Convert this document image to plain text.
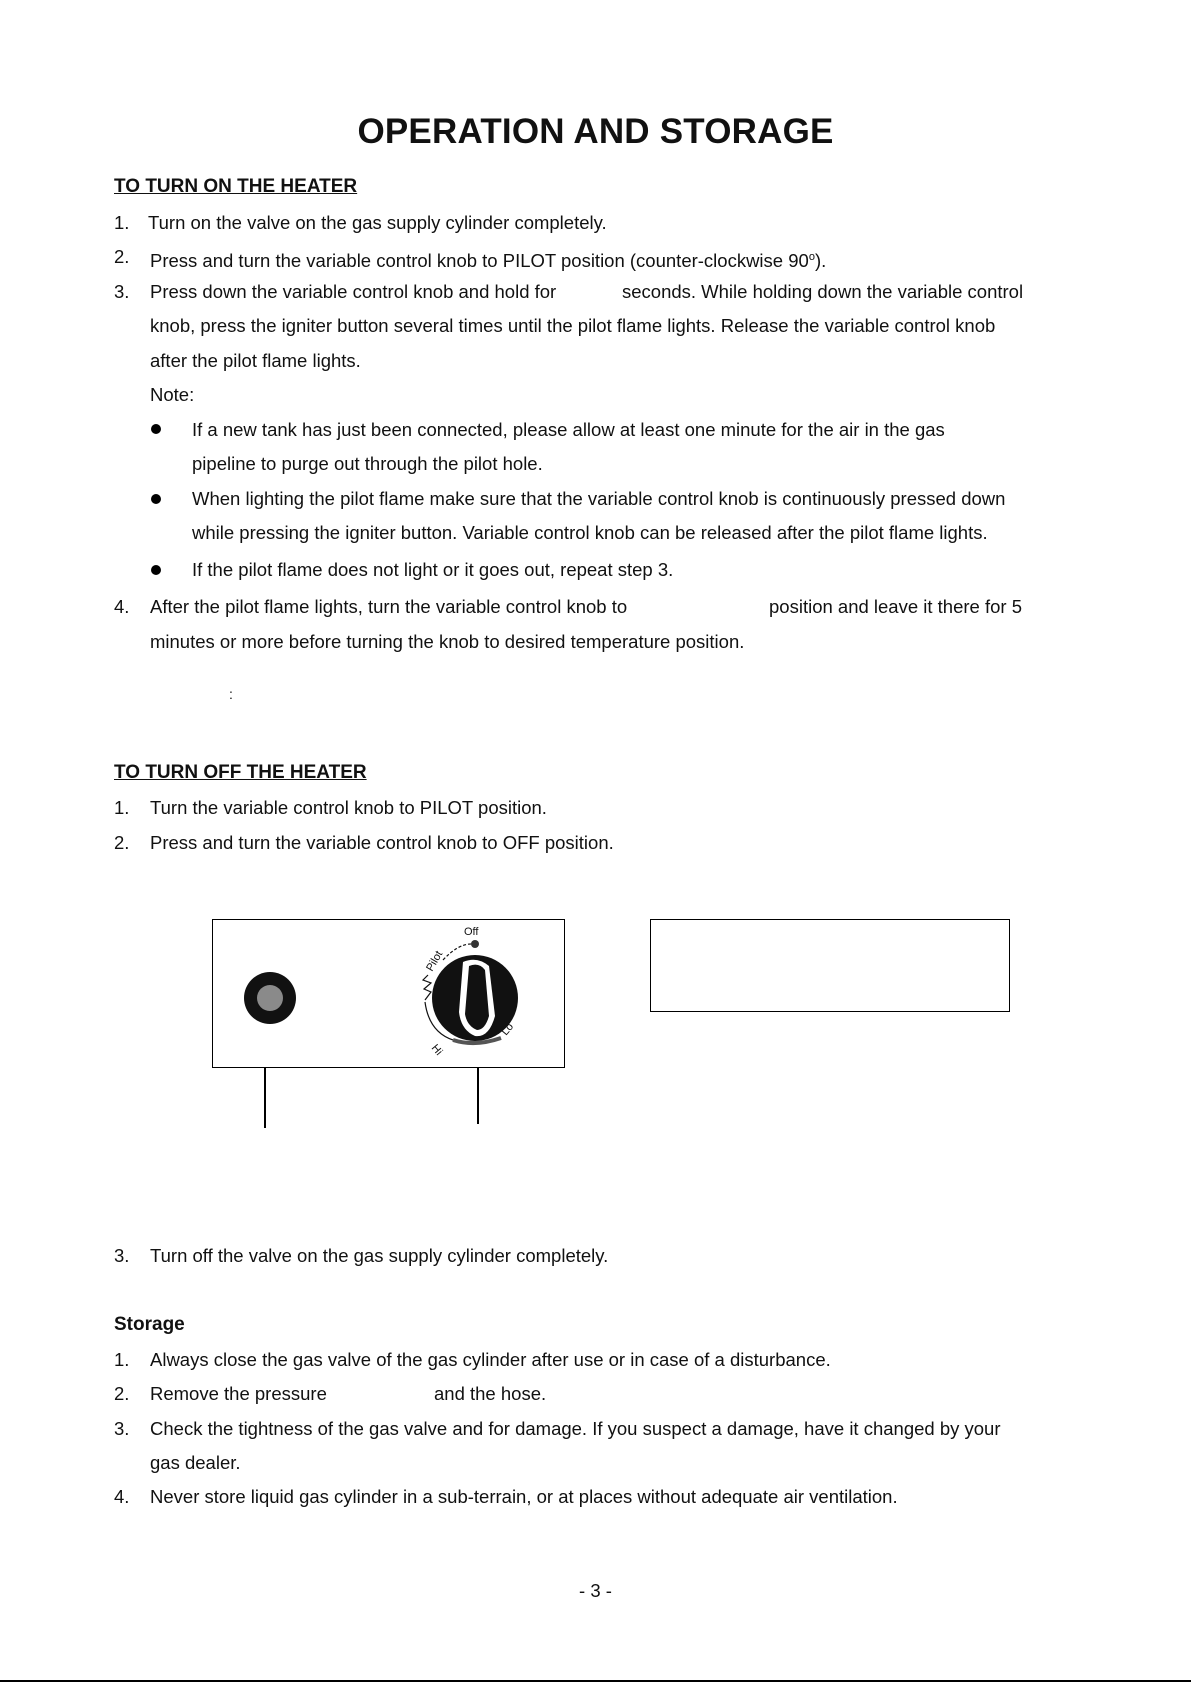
OPERATION AND STORAGE
TO TURN ON THE HEATER
1. Turn on the valve on the gas supply cylinder completely.
2. Press and turn the variable control knob to PILOT position (counter-clockwise 90$^o$).
3. Press down the variable control knob and hold for	seconds. While holding down the variable control
knob, press the igniter button several times until the pilot flame lights. Release the variable control knob
after the pilot flame lights.
Note:
If a new tank has just been connected, please allow at least one minute for the air in the gas
pipeline to purge out through the pilot hole.
When lighting the pilot flame make sure that the variable control knob is continuously pressed down
while pressing the igniter button. Variable control knob can be released after the pilot flame lights.
If the pilot flame does not light or it goes out, repeat step 3.
4. After the pilot flame lights, turn the variable control knob to	position and leave it there for 5
minutes or more before turning the knob to desired temperature position.
:
TO TURN OFF THE HEATER
1. Turn the variable control knob to PILOT position.
2. Press and turn the variable control knob to OFF position.
Off
Pilot
Hi
Lo
3. Turn off the valve on the gas supply cylinder completely.
Storage
1. Always close the gas valve of the gas cylinder after use or in case of a disturbance.
2. Remove the pressure	and the hose.
3. Check the tightness of the gas valve and for damage. If you suspect a damage, have it changed by your
gas dealer.
4. Never store liquid gas cylinder in a sub-terrain, or at places without adequate air ventilation.
- 3 -
